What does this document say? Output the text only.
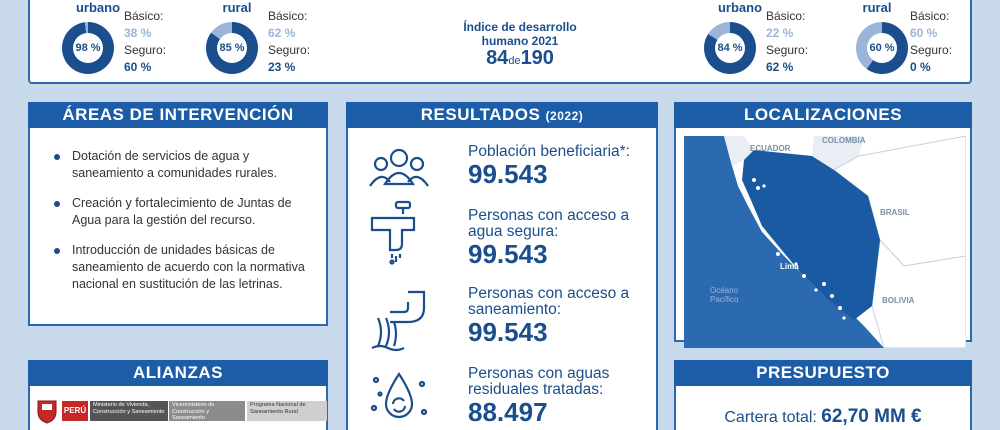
urbano
98 %
Básico:
38 %
Seguro:
60 %
rural
85 %
Básico:
62 %
Seguro:
23 %
Índice de desarrollo humano 2021
84de190
urbano
84 %
Básico:
22 %
Seguro:
62 %
rural
60 %
Básico:
60 %
Seguro:
0 %
ÁREAS DE INTERVENCIÓN
Dotación de servicios de agua y saneamiento a comunidades rurales.
Creación y fortalecimiento de Juntas de Agua para la gestión del recurso.
Introducción de unidades básicas de saneamiento de acuerdo con la normativa nacional en sustitución de las letrinas.
RESULTADOS (2022)
Población beneficiaria*:
99.543
Personas con acceso a agua segura:
99.543
Personas con acceso a saneamiento:
99.543
Personas con aguas residuales tratadas:
88.497
LOCALIZACIONES
ECUADOR
COLOMBIA
BRASIL
Lima
Océano Pacífico	BOLIVIA
ALIANZAS
PERÚ
Ministerio de Vivienda, Construcción y Saneamiento
Viceministerio de Construcción y Saneamiento
Programa Nacional de Saneamiento Rural
PRESUPUESTO
Cartera total: 62,70 MM €
